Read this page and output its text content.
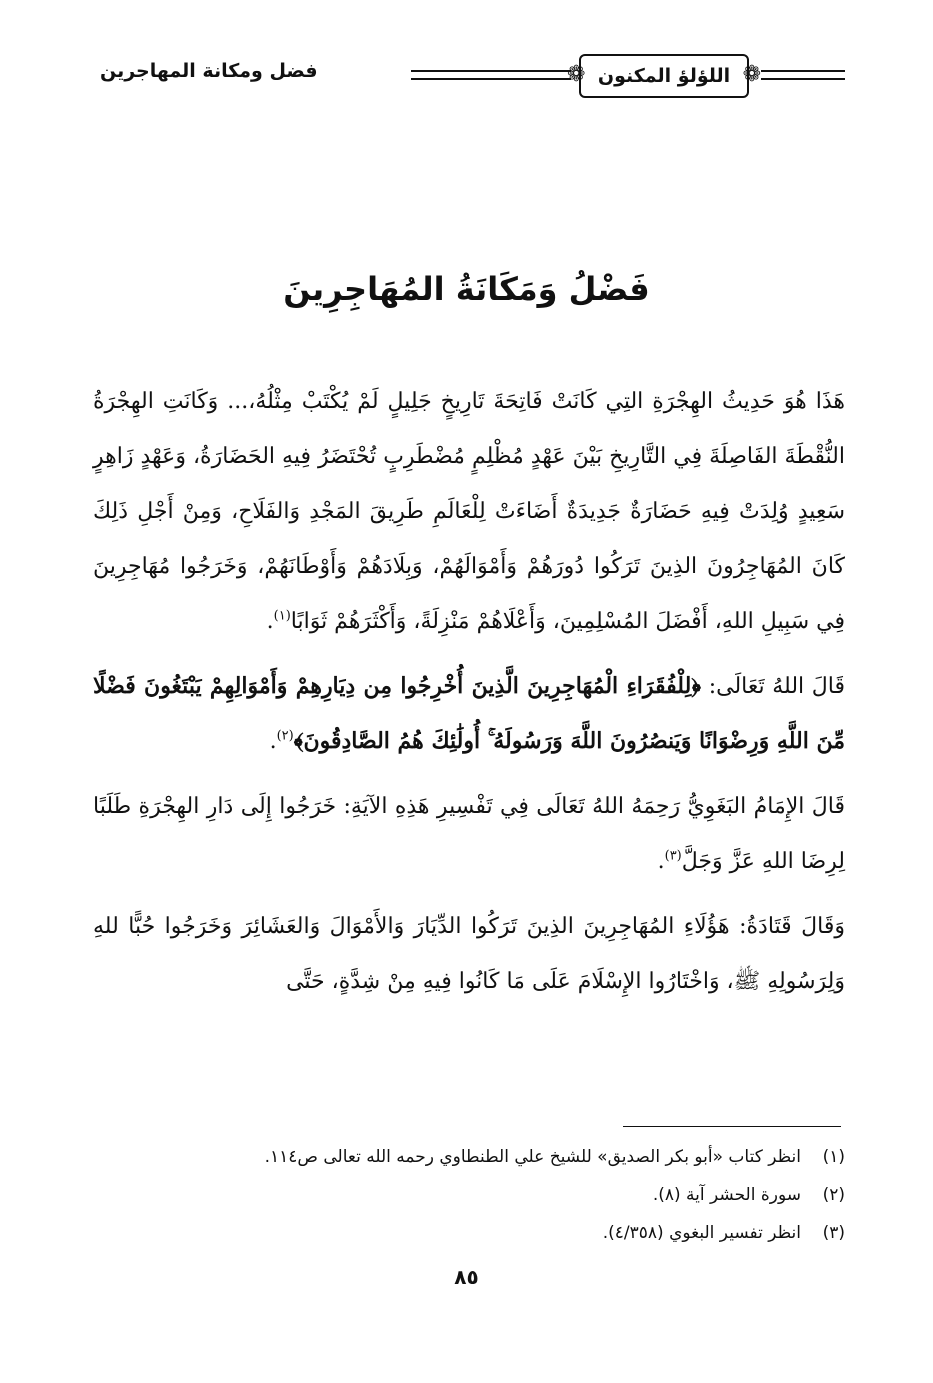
❁
اللؤلؤ المكنون
❁
فضل ومكانة المهاجرين
فَضْلُ وَمَكَانَةُ المُهَاجِرِينَ

هَذَا هُوَ حَدِيثُ الهِجْرَةِ التِي كَانَتْ فَاتِحَةَ تَارِيخٍ جَلِيلٍ لَمْ يُكْتَبْ مِثْلُهُ،... وَكَانَتِ الهِجْرَةُ النُّقْطَةَ الفَاصِلَةَ فِي التَّارِيخِ بَيْنَ عَهْدٍ مُظْلِمٍ مُضْطَرِبٍ تُحْتَضَرُ فِيهِ الحَضَارَةُ، وَعَهْدٍ زَاهِرٍ سَعِيدٍ وُلِدَتْ فِيهِ حَضَارَةٌ جَدِيدَةٌ أَضَاءَتْ لِلْعَالَمِ طَرِيقَ المَجْدِ وَالفَلَاحِ، وَمِنْ أَجْلِ ذَلِكَ كَانَ المُهَاجِرُونَ الذِينَ تَرَكُوا دُورَهُمْ وَأَمْوَالَهُمْ، وَبِلَادَهُمْ وَأَوْطَانَهُمْ، وَخَرَجُوا مُهَاجِرِينَ فِي سَبِيلِ اللهِ، أَفْضَلَ المُسْلِمِينَ، وَأَعْلَاهُمْ مَنْزِلَةً، وَأَكْثَرَهُمْ ثَوَابًا$^{(١)}$.

قَالَ اللهُ تَعَالَى: ﴿لِلْفُقَرَاءِ الْمُهَاجِرِينَ الَّذِينَ أُخْرِجُوا مِن دِيَارِهِمْ وَأَمْوَالِهِمْ يَبْتَغُونَ فَضْلًا مِّنَ اللَّهِ وَرِضْوَانًا وَيَنصُرُونَ اللَّهَ وَرَسُولَهُ ۚ أُولَٰئِكَ هُمُ الصَّادِقُونَ﴾$^{(٢)}$.

قَالَ الإِمَامُ البَغَوِيُّ رَحِمَهُ اللهُ تَعَالَى فِي تَفْسِيرِ هَذِهِ الآيَةِ: خَرَجُوا إِلَى دَارِ الهِجْرَةِ طَلَبًا لِرِضَا اللهِ عَزَّ وَجَلَّ$^{(٣)}$.

وَقَالَ قَتَادَةُ: هَؤُلَاءِ المُهَاجِرِينَ الذِينَ تَرَكُوا الدِّيَارَ وَالأَمْوَالَ وَالعَشَائِرَ وَخَرَجُوا حُبًّا للهِ وَلِرَسُولِهِ ﷺ، وَاخْتَارُوا الإِسْلَامَ عَلَى مَا كَانُوا فِيهِ مِنْ شِدَّةٍ، حَتَّى

(١)
انظر كتاب «أبو بكر الصديق» للشيخ علي الطنطاوي رحمه الله تعالى ص١١٤.
(٢)
سورة الحشر آية (٨).
(٣)
انظر تفسير البغوي (٤/٣٥٨).
٨٥
